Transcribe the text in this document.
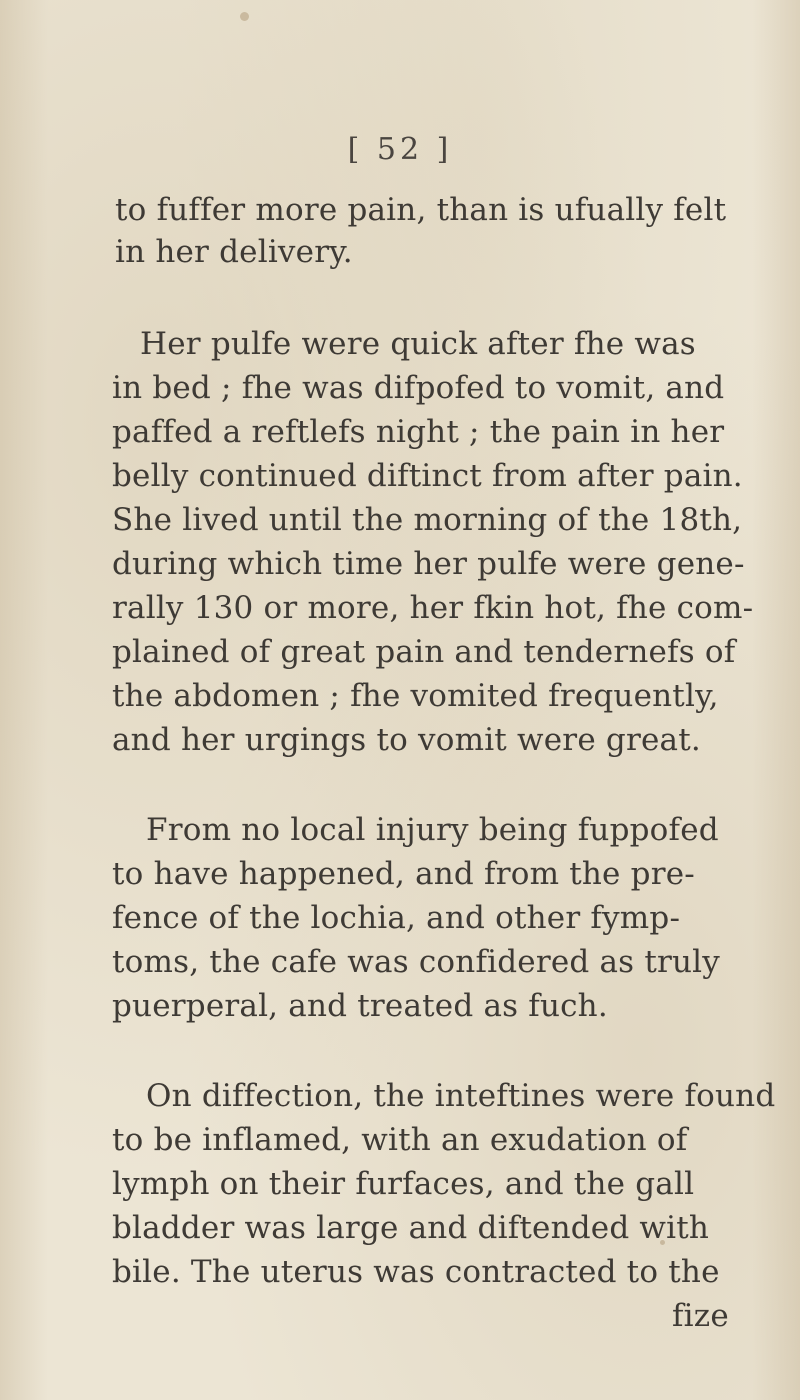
[ 52 ]
to fuffer more pain, than is ufually felt
in her delivery.
Her pulfe were quick after fhe was
in bed ; fhe was difpofed to vomit, and
paffed a reftlefs night ; the pain in her
belly continued diftinct from after pain.
She lived until the morning of the 18th,
during which time her pulfe were gene-
rally 130 or more, her fkin hot, fhe com-
plained of great pain and tendernefs of
the abdomen ; fhe vomited frequently,
and her urgings to vomit were great.
From no local injury being fuppofed
to have happened, and from the pre-
fence of the lochia, and other fymp-
toms, the cafe was confidered as truly
puerperal, and treated as fuch.
On diffection, the inteftines were found
to be inflamed, with an exudation of
lymph on their furfaces, and the gall
bladder was large and diftended with
bile. The uterus was contracted to the
fize
